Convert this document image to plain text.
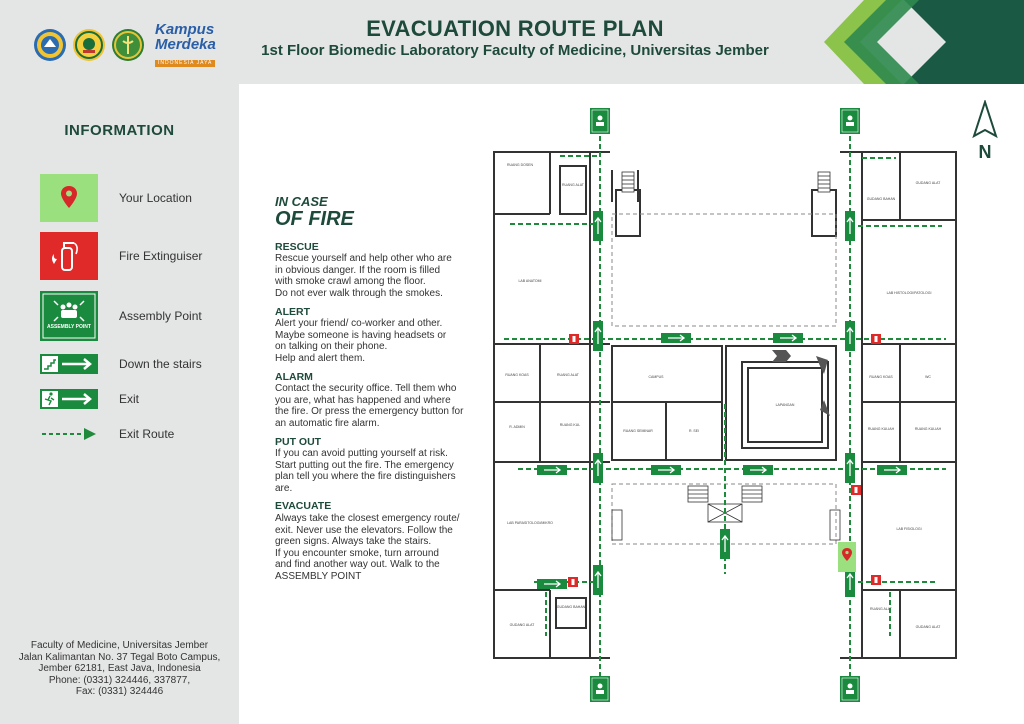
Kampus
Merdeka
INDONESIA JAYA
EVACUATION ROUTE PLAN
1st Floor Biomedic Laboratory Faculty of Medicine, Universitas Jember
INFORMATION
Your Location
Fire Extinguiser
ASSEMBLY POINT
Assembly Point
Down the stairs
Exit
Exit Route
Faculty of Medicine, Universitas Jember
Jalan Kalimantan No. 37 Tegal Boto Campus,
Jember 62181, East Java, Indonesia
Phone: (0331) 324446, 337877,
Fax: (0331) 324446
IN CASE
OF FIRE
RESCUE
Rescue yourself and help other who are
in obvious danger. If the room is filled
with smoke crawl among the floor.
Do not ever walk through the smokes.
ALERT
Alert your friend/ co-worker and other.
Maybe someone is having headsets or
on talking on their phone.
Help and alert them.
ALARM
Contact the security office. Tell them who
you are, what has happened and where
the fire. Or press the emergency button for
an automatic fire alarm.
PUT OUT
If you can avoid putting yourself at risk.
Start putting out the fire. The emergency
plan tell you where the fire distinguishers
are.
EVACUATE
Always take the closest emergency route/
exit. Never use the elevators. Follow the
green signs. Always take the stairs.
If you encounter smoke, turn arround
and find another way out. Walk to the
ASSEMBLY POINT
N
RUANG DOSEN
RUANG ALAT
LAB ANATOMI
RUANG KOAS	RUANG ALAT
R. ADMIN	RUANG KUL
LAB PARASITOLOGI/MIKRO
GUDANG BAHAN
GUDANG ALAT
CAMPUS
RUANG SEMINAR	R. SEI
LAPANGAN
GUDANG ALAT
GUDANG BAHAN
LAB HISTOLOGI/PATOLOGI
RUANG KOAS	WC
RUANG KULIAH	RUANG KULIAH
LAB FISIOLOGI
RUANG ALAT
GUDANG ALAT
